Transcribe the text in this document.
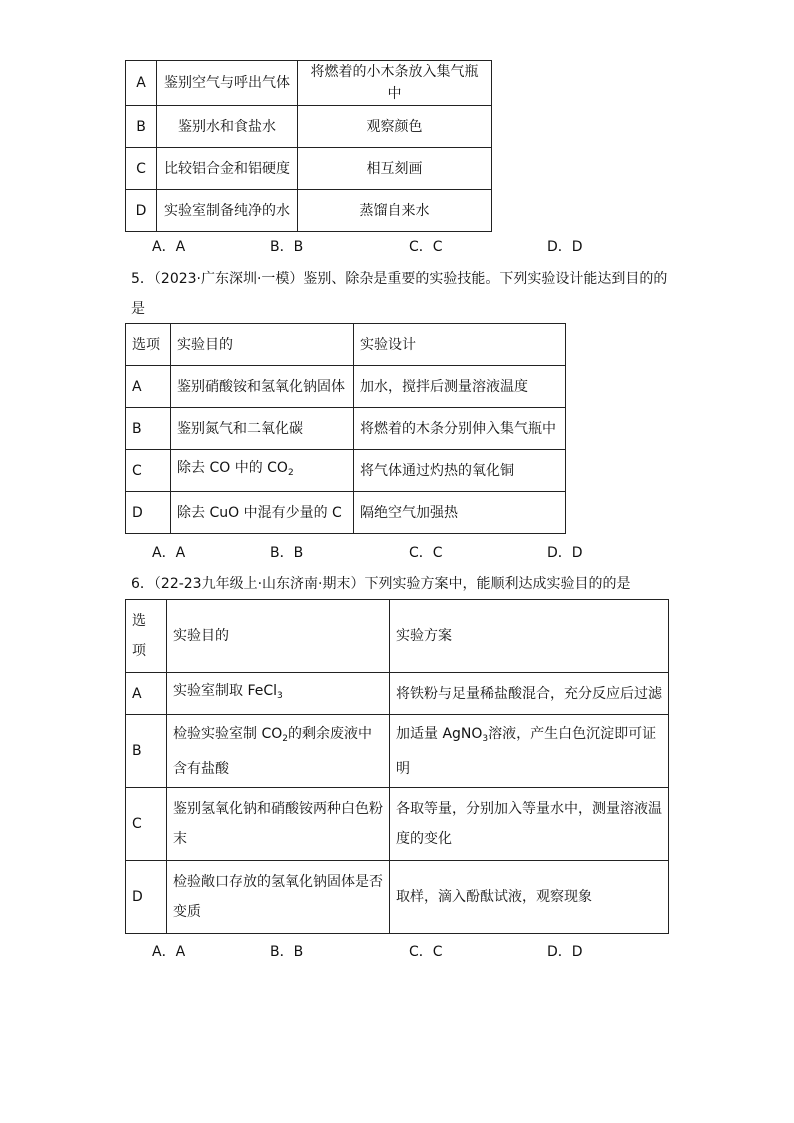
A	鉴别空气与呼出气体	将燃着的小木条放入集气瓶中
B	鉴别水和食盐水	观察颜色
C	比较铝合金和铝硬度	相互刻画
D	实验室制备纯净的水	蒸馏自来水
A．A	B．B	C．C	D．D
5．（2023·广东深圳·一模）鉴别、除杂是重要的实验技能。下列实验设计能达到目的的
是
选项	实验目的	实验设计
A	鉴别硝酸铵和氢氧化钠固体	加水，搅拌后测量溶液温度
B	鉴别氮气和二氧化碳	将燃着的木条分别伸入集气瓶中
C	除去 CO 中的 $CO_2$	将气体通过灼热的氧化铜
D	除去 CuO 中混有少量的 C	隔绝空气加强热
A．A	B．B	C．C	D．D
6．（22-23九年级上·山东济南·期末）下列实验方案中，能顺利达成实验目的的是
选
项	实验目的	实验方案
A	实验室制取 FeCl$_3$	将铁粉与足量稀盐酸混合，充分反应后过滤
B	检验实验室制 $CO_2$的剩余废液中含有盐酸	加适量 AgNO$_3$溶液，产生白色沉淀即可证明
C	鉴别氢氧化钠和硝酸铵两种白色粉末	各取等量，分别加入等量水中，测量溶液温度的变化
D	检验敞口存放的氢氧化钠固体是否变质	取样，滴入酚酞试液，观察现象
A．A	B．B	C．C	D．D
